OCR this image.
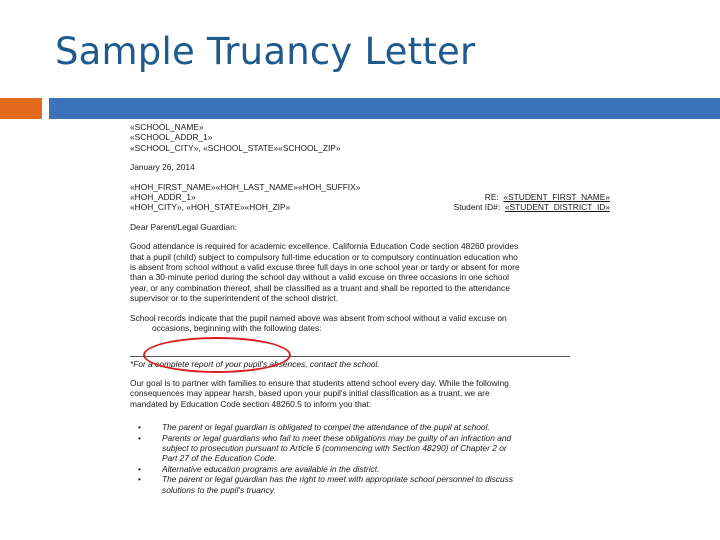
Sample Truancy Letter
«SCHOOL_NAME»
«SCHOOL_ADDR_1»
«SCHOOL_CITY», «SCHOOL_STATE»«SCHOOL_ZIP»
January 26, 2014
«HOH_FIRST_NAME»«HOH_LAST_NAME»«HOH_SUFFIX»
«HOH_ADDR_1»	RE: «STUDENT_FIRST_NAME»
«HOH_CITY», «HOH_STATE»«HOH_ZIP»	Student ID#: «STUDENT_DISTRICT_ID»
Dear Parent/Legal Guardian:
Good attendance is required for academic excellence. California Education Code section 48260 provides
that a pupil (child) subject to compulsory full-time education or to compulsory continuation education who
is absent from school without a valid excuse three full days in one school year or tardy or absent for more
than a 30-minute period during the school day without a valid excuse on three occasions in one school
year, or any combination thereof, shall be classified as a truant and shall be reported to the attendance
supervisor or to the superintendent of the school district.
School records indicate that the pupil named above was absent from school without a valid excuse on
occasions, beginning with the following dates:
*For a complete report of your pupil's absences, contact the school.
Our goal is to partner with families to ensure that students attend school every day. While the following
consequences may appear harsh, based upon your pupil's initial classification as a truant, we are
mandated by Education Code section 48260.5 to inform you that:
•	The parent or legal guardian is obligated to compel the attendance of the pupil at school.
•	Parents or legal guardians who fail to meet these obligations may be guilty of an infraction and
subject to prosecution pursuant to Article 6 (commencing with Section 48290) of Chapter 2 or
Part 27 of the Education Code.
•	Alternative education programs are available in the district.
•	The parent or legal guardian has the right to meet with appropriate school personnel to discuss
solutions to the pupil's truancy.
